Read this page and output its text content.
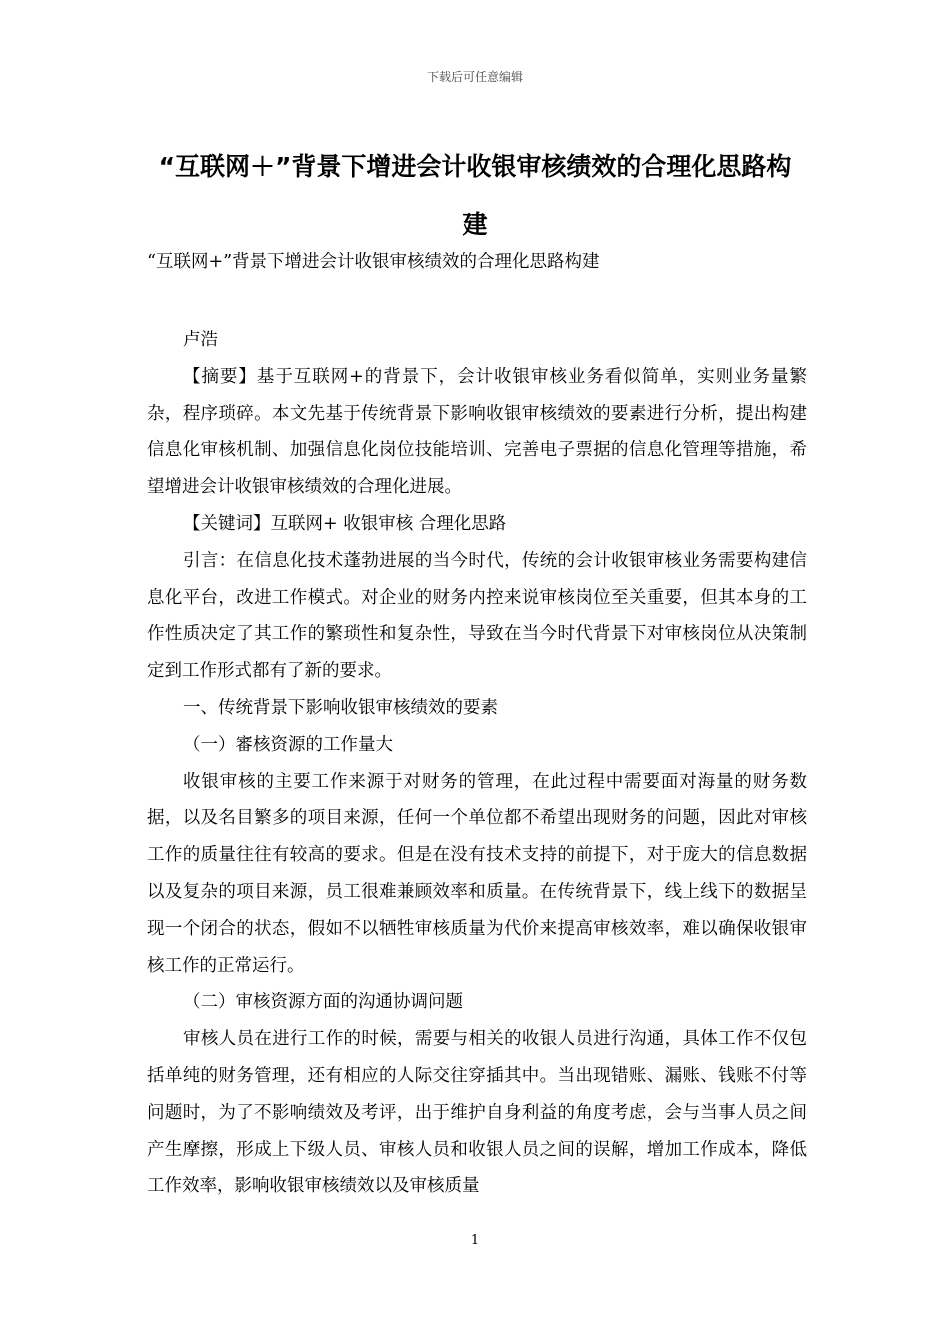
下载后可任意编辑
“互联网＋”背景下增进会计收银审核绩效的合理化思路构
建
“互联网+”背景下增进会计收银审核绩效的合理化思路构建

卢浩

【摘要】基于互联网+的背景下，会计收银审核业务看似简单，实则业务量繁杂，程序琐碎。本文先基于传统背景下影响收银审核绩效的要素进行分析，提出构建信息化审核机制、加强信息化岗位技能培训、完善电子票据的信息化管理等措施，希望增进会计收银审核绩效的合理化进展。

【关键词】互联网+ 收银审核 合理化思路

引言：在信息化技术蓬勃进展的当今时代，传统的会计收银审核业务需要构建信息化平台，改进工作模式。对企业的财务内控来说审核岗位至关重要，但其本身的工作性质决定了其工作的繁琐性和复杂性，导致在当今时代背景下对审核岗位从决策制定到工作形式都有了新的要求。

一、传统背景下影响收银审核绩效的要素

（一）審核资源的工作量大

收银审核的主要工作来源于对财务的管理，在此过程中需要面对海量的财务数据，以及名目繁多的项目来源，任何一个单位都不希望出现财务的问题，因此对审核工作的质量往往有较高的要求。但是在没有技术支持的前提下，对于庞大的信息数据以及复杂的项目来源，员工很难兼顾效率和质量。在传统背景下，线上线下的数据呈现一个闭合的状态，假如不以牺牲审核质量为代价来提高审核效率，难以确保收银审核工作的正常运行。

（二）审核资源方面的沟通协调问题

审核人员在进行工作的时候，需要与相关的收银人员进行沟通，具体工作不仅包括单纯的财务管理，还有相应的人际交往穿插其中。当出现错账、漏账、钱账不付等问题时，为了不影响绩效及考评，出于维护自身利益的角度考虑，会与当事人员之间产生摩擦，形成上下级人员、审核人员和收银人员之间的误解，增加工作成本，降低工作效率，影响收银审核绩效以及审核质量

1
